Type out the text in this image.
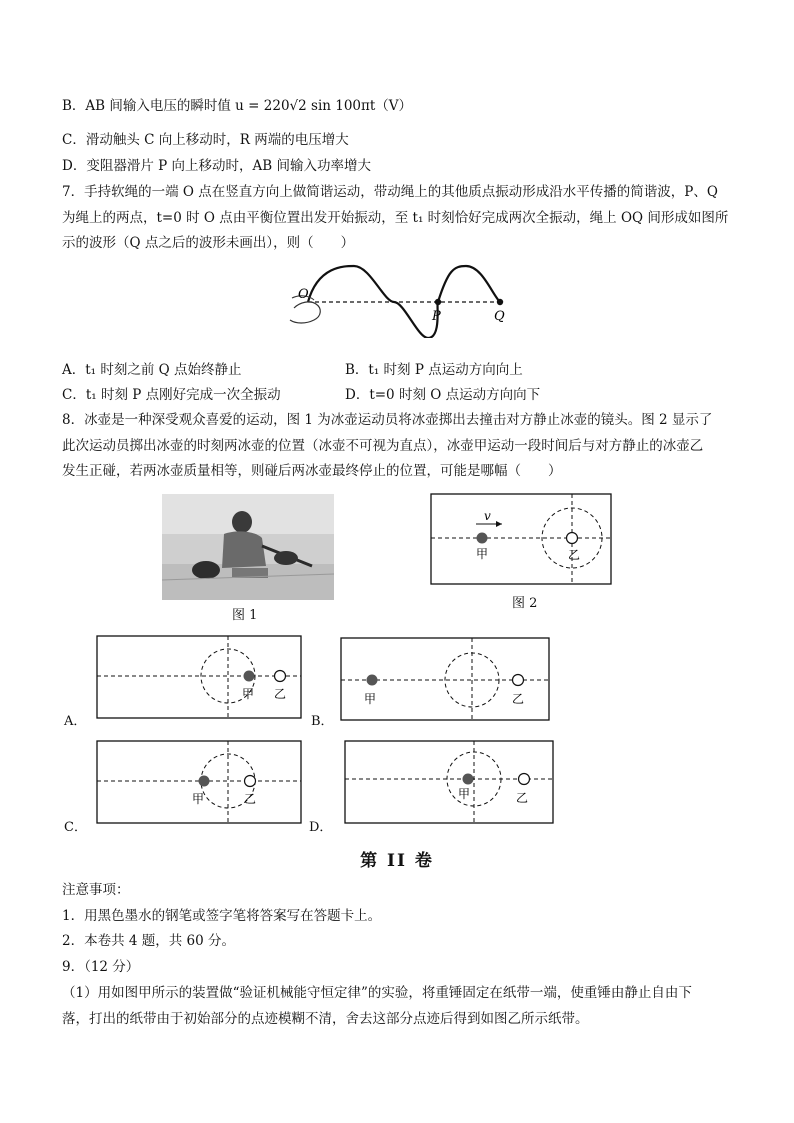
B．AB 间输入电压的瞬时值 u = 220√2 sin 100πt（V）
C．滑动触头 C 向上移动时，R 两端的电压增大
D．变阻器滑片 P 向上移动时，AB 间输入功率增大
7．手持软绳的一端 O 点在竖直方向上做简谐运动，带动绳上的其他质点振动形成沿水平传播的简谐波，P、Q
为绳上的两点，t=0 时 O 点由平衡位置出发开始振动，至 t₁ 时刻恰好完成两次全振动，绳上 OQ 间形成如图所
示的波形（Q 点之后的波形未画出），则（　　）
O
P	Q
A．t₁ 时刻之前 Q 点始终静止	B．t₁ 时刻 P 点运动方向向上
C．t₁ 时刻 P 点刚好完成一次全振动	D．t=0 时刻 O 点运动方向向下
8．冰壶是一种深受观众喜爱的运动，图 1 为冰壶运动员将冰壶掷出去撞击对方静止冰壶的镜头。图 2 显示了
此次运动员掷出冰壶的时刻两冰壶的位置（冰壶不可视为直点），冰壶甲运动一段时间后与对方静止的冰壶乙
发生正碰，若两冰壶质量相等，则碰后两冰壶最终停止的位置，可能是哪幅（　　）
图 1
v
甲	乙
图 2
甲 乙
A．
甲	乙
B．
甲	乙
C．
甲	乙
D．
第 II 卷
注意事项：
1．用黑色墨水的钢笔或签字笔将答案写在答题卡上。
2．本卷共 4 题，共 60 分。
9．（12 分）
（1）用如图甲所示的装置做“验证机械能守恒定律”的实验，将重锤固定在纸带一端，使重锤由静止自由下
落，打出的纸带由于初始部分的点迹模糊不清，舍去这部分点迹后得到如图乙所示纸带。
